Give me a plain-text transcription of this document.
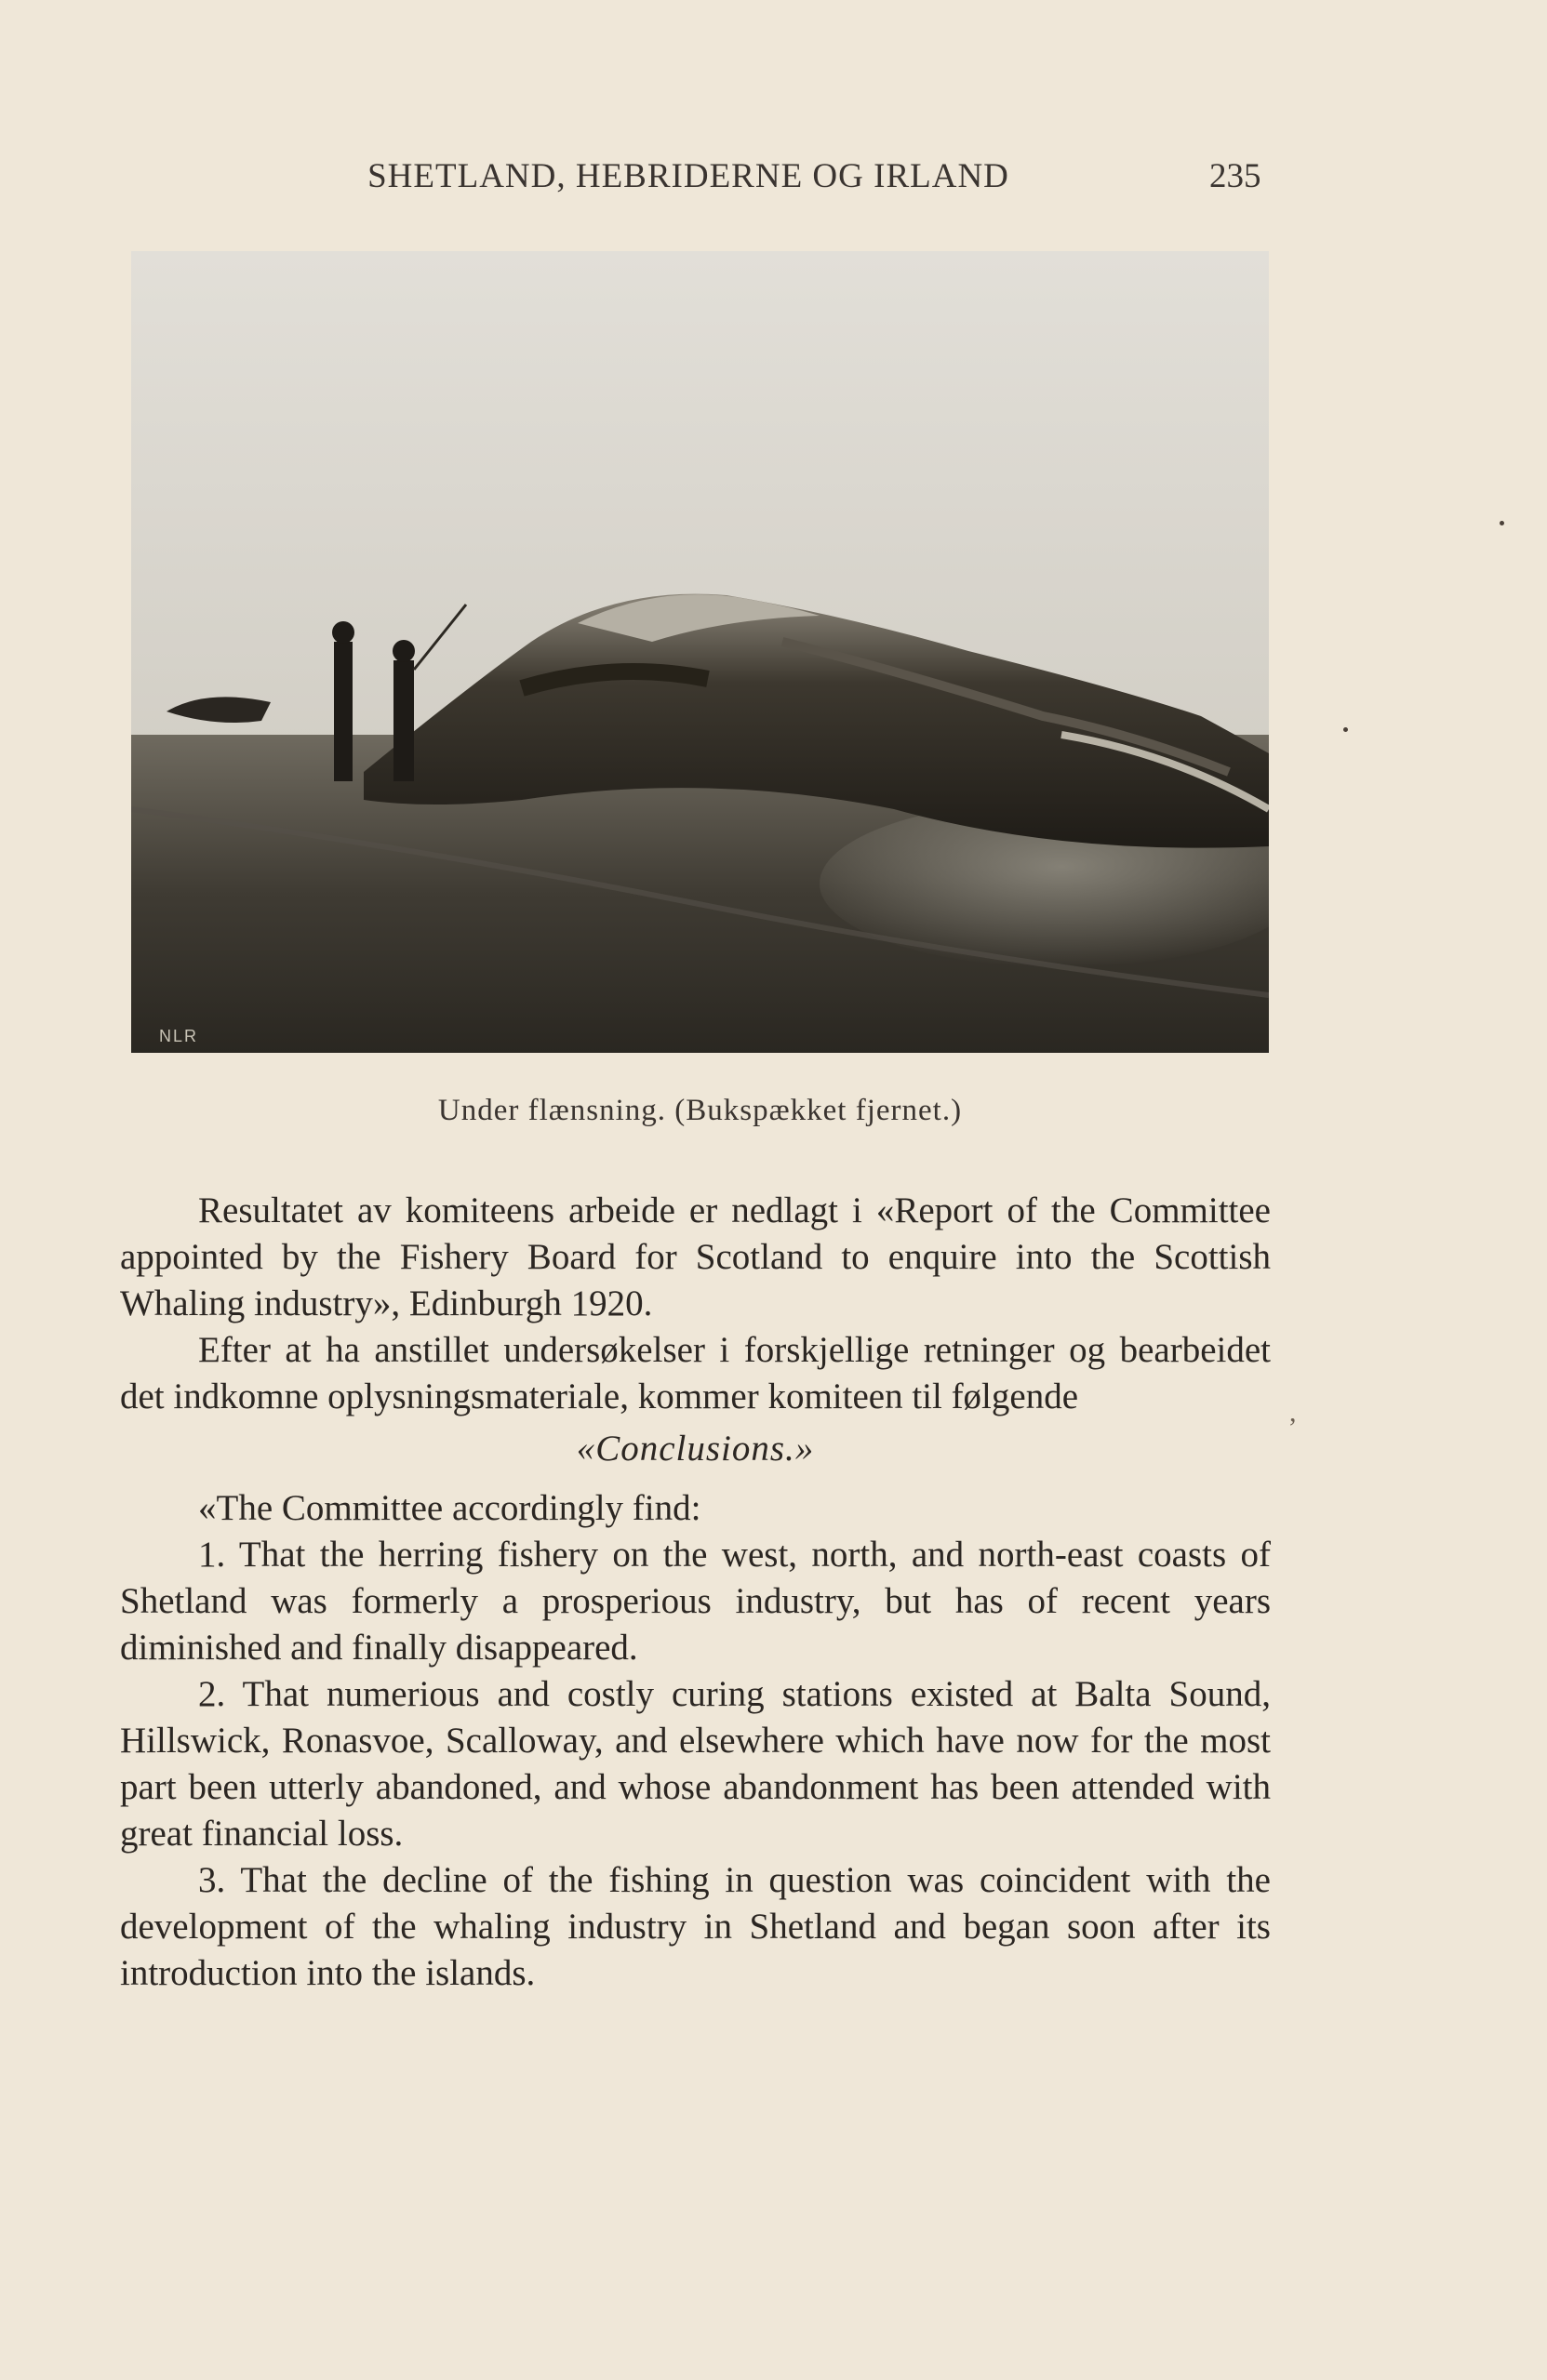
SHETLAND, HEBRIDERNE OG IRLAND	235
NLR
Under flænsning. (Bukspækket fjernet.)

Resultatet av komiteens arbeide er nedlagt i «Report of the Committee appointed by the Fishery Board for Scotland to enquire into the Scottish Whaling industry», Edinburgh 1920.

Efter at ha anstillet undersøkelser i forskjellige retninger og bearbeidet det indkomne oplysningsmateriale, kommer komiteen til følgende

«Conclusions.»

«The Committee accordingly find:

1. That the herring fishery on the west, north, and north-east coasts of Shetland was formerly a prosperious industry, but has of recent years diminished and finally disappeared.

2. That numerious and costly curing stations existed at Balta Sound, Hillswick, Ronasvoe, Scalloway, and elsewhere which have now for the most part been utterly abandoned, and whose abandonment has been attended with great financial loss.

3. That the decline of the fishing in question was coincident with the development of the whaling industry in Shetland and began soon after its introduction into the islands.

,
